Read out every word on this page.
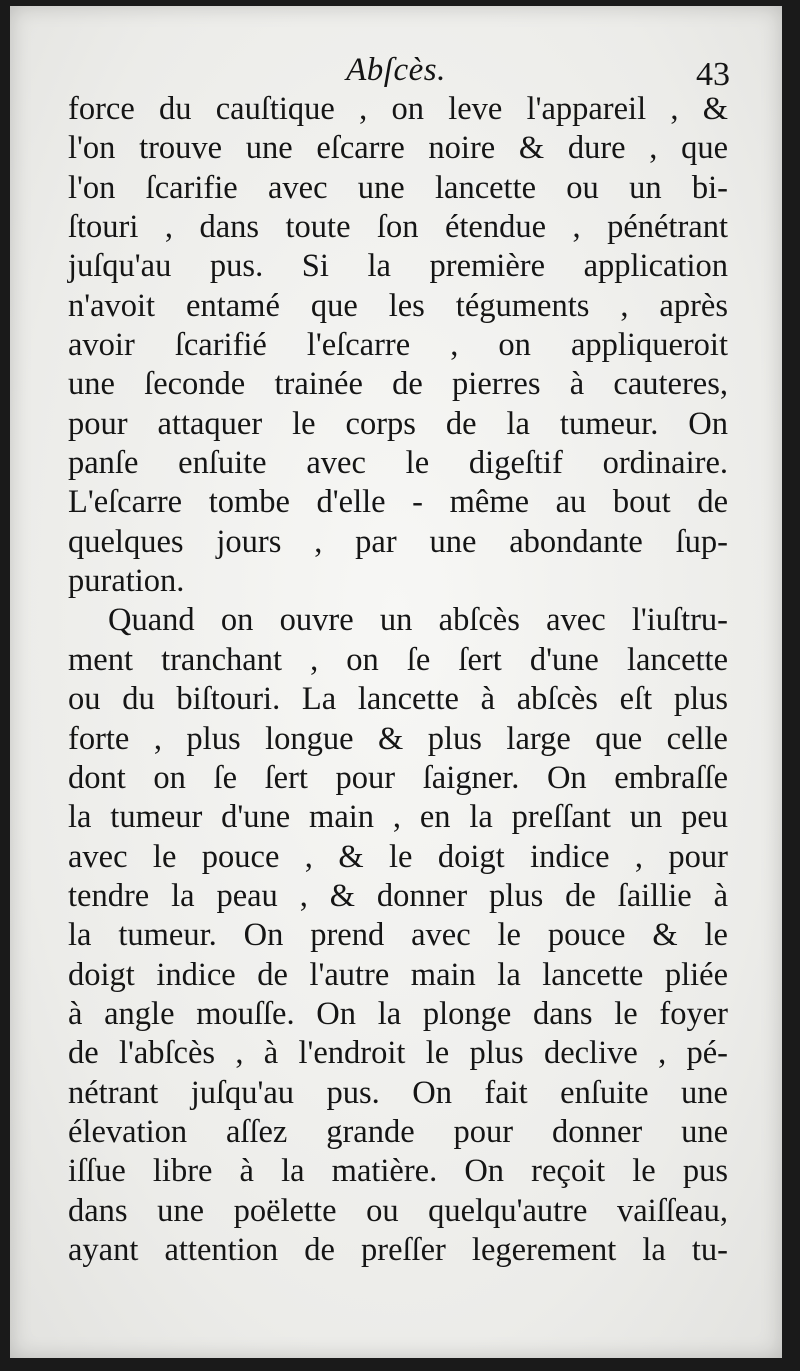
Abſcès.	43
force du cauſtique , on leve l'appareil , &
l'on trouve une eſcarre noire & dure , que
l'on ſcarifie avec une lancette ou un bi-
ſtouri , dans toute ſon étendue , pénétrant
juſqu'au pus. Si la première application
n'avoit entamé que les téguments , après
avoir ſcarifié l'eſcarre , on appliqueroit
une ſeconde trainée de pierres à cauteres,
pour attaquer le corps de la tumeur. On
panſe enſuite avec le digeſtif ordinaire.
L'eſcarre tombe d'elle - même au bout de
quelques jours , par une abondante ſup-
puration.
Quand on ouvre un abſcès avec l'iuſtru-
ment tranchant , on ſe ſert d'une lancette
ou du biſtouri. La lancette à abſcès eſt plus
forte , plus longue & plus large que celle
dont on ſe ſert pour ſaigner. On embraſſe
la tumeur d'une main , en la preſſant un peu
avec le pouce , & le doigt indice , pour
tendre la peau , & donner plus de ſaillie à
la tumeur. On prend avec le pouce & le
doigt indice de l'autre main la lancette pliée
à angle mouſſe. On la plonge dans le foyer
de l'abſcès , à l'endroit le plus declive , pé-
nétrant juſqu'au pus. On fait enſuite une
élevation aſſez grande pour donner une
iſſue libre à la matière. On reçoit le pus
dans une poëlette ou quelqu'autre vaiſſeau,
ayant attention de preſſer legerement la tu-
